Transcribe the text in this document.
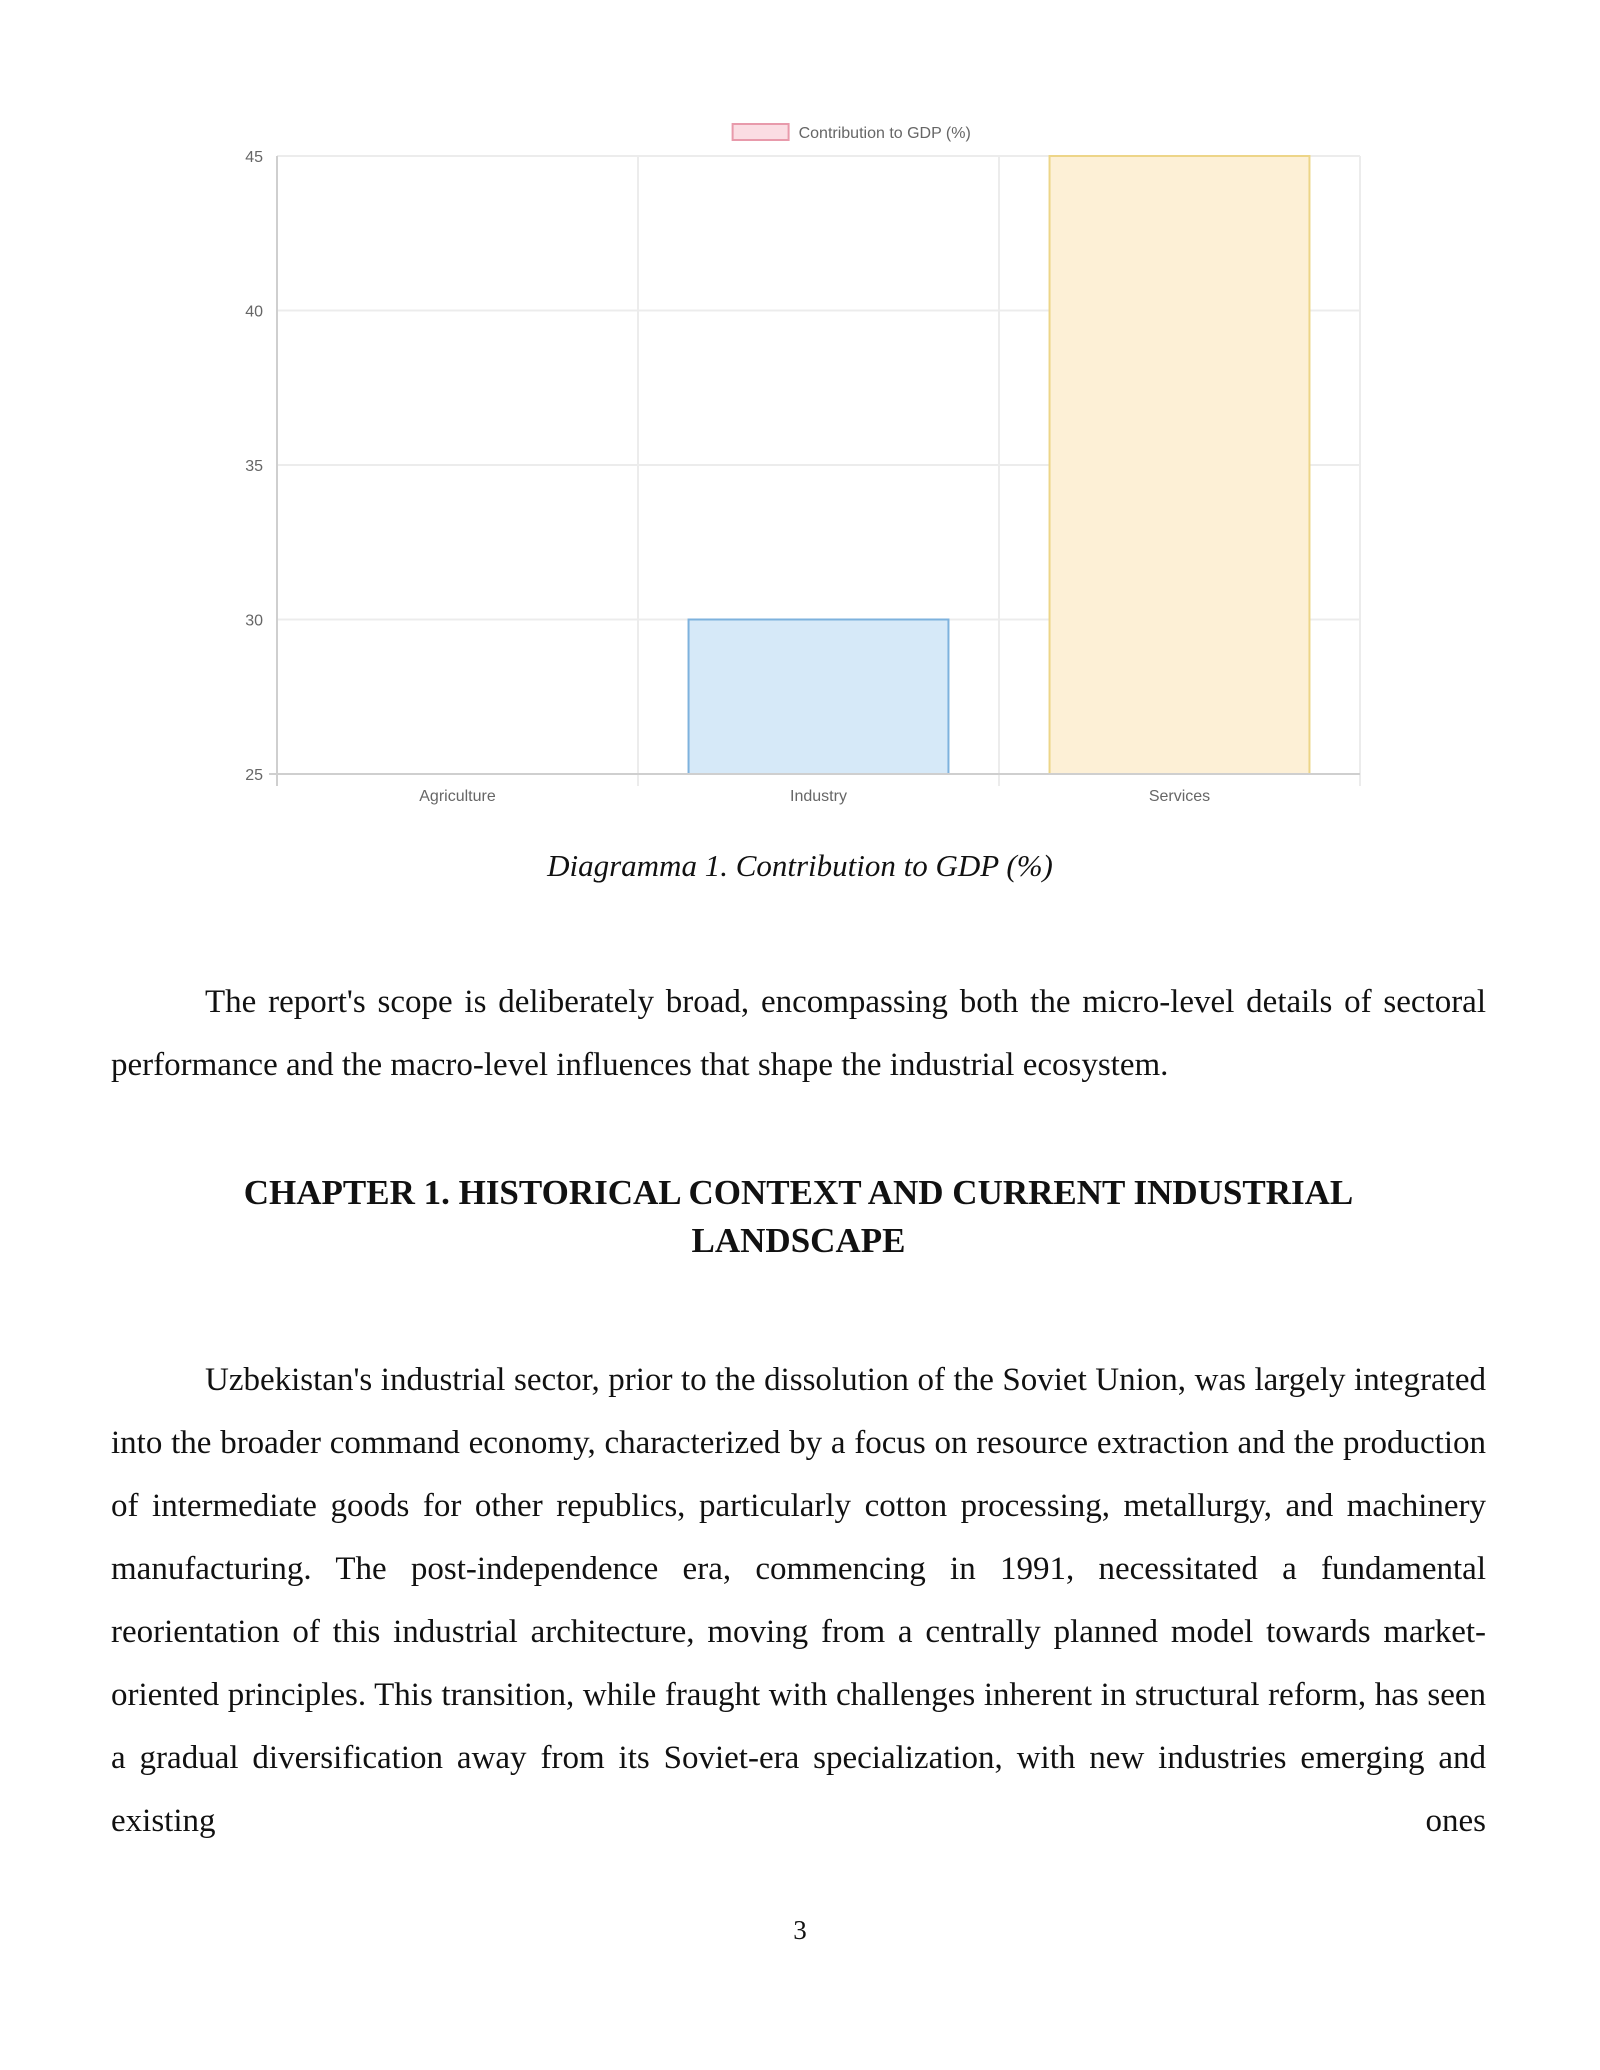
25
30
35
40
45
Agriculture	Industry	Services
Contribution to GDP (%)
Diagramma 1. Contribution to GDP (%)

The report's scope is deliberately broad, encompassing both the micro-level details of sectoral performance and the macro-level influences that shape the industrial ecosystem.

CHAPTER 1. HISTORICAL CONTEXT AND CURRENT INDUSTRIAL
LANDSCAPE

Uzbekistan's industrial sector, prior to the dissolution of the Soviet Union, was largely integrated into the broader command economy, characterized by a focus on resource extraction and the production of intermediate goods for other republics, particularly cotton processing, metallurgy, and machinery manufacturing. The post-independence era, commencing in 1991, necessitated a fundamental reorientation of this industrial architecture, moving from a centrally planned model towards market-oriented principles. This transition, while fraught with challenges inherent in structural reform, has seen a gradual diversification away from its Soviet-era specialization, with new industries emerging and existing ones

3
